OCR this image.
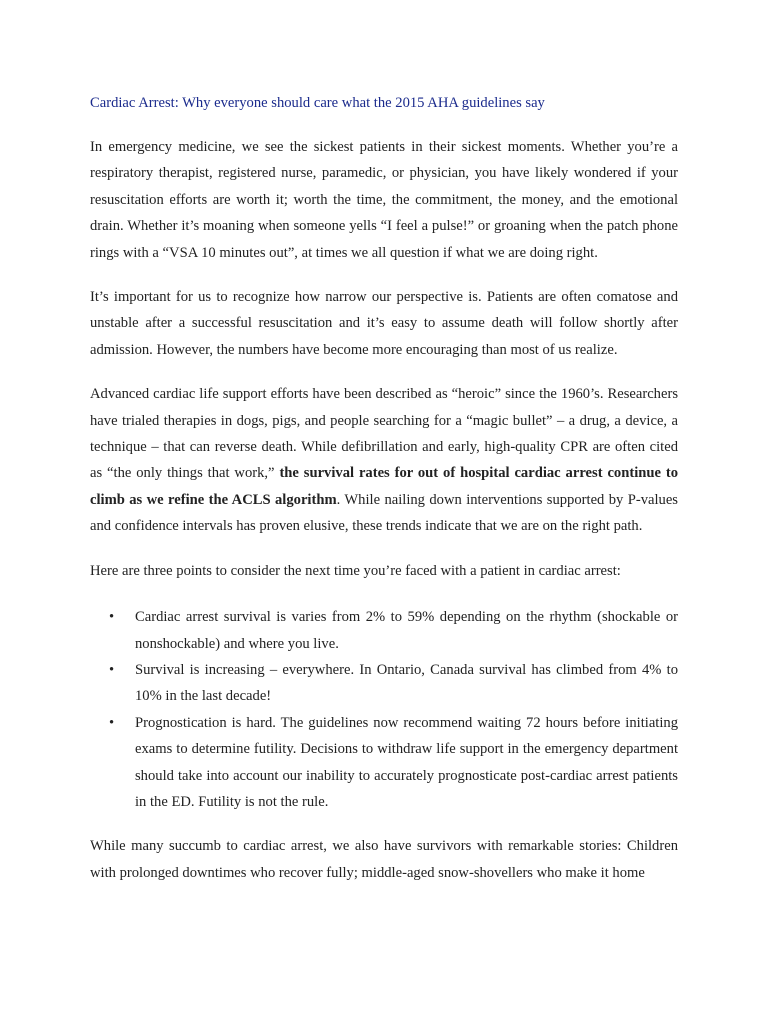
Cardiac Arrest: Why everyone should care what the 2015 AHA guidelines say

In emergency medicine, we see the sickest patients in their sickest moments. Whether you’re a respiratory therapist, registered nurse, paramedic, or physician, you have likely wondered if your resuscitation efforts are worth it; worth the time, the commitment, the money, and the emotional drain. Whether it’s moaning when someone yells “I feel a pulse!” or groaning when the patch phone rings with a “VSA 10 minutes out”, at times we all question if what we are doing right.

It’s important for us to recognize how narrow our perspective is. Patients are often comatose and unstable after a successful resuscitation and it’s easy to assume death will follow shortly after admission. However, the numbers have become more encouraging than most of us realize.

Advanced cardiac life support efforts have been described as “heroic” since the 1960’s. Researchers have trialed therapies in dogs, pigs, and people searching for a “magic bullet” – a drug, a device, a technique – that can reverse death. While defibrillation and early, high-quality CPR are often cited as “the only things that work,” the survival rates for out of hospital cardiac arrest continue to climb as we refine the ACLS algorithm. While nailing down interventions supported by P-values and confidence intervals has proven elusive, these trends indicate that we are on the right path.

Here are three points to consider the next time you’re faced with a patient in cardiac arrest:

• Cardiac arrest survival is varies from 2% to 59% depending on the rhythm (shockable or nonshockable) and where you live.
• Survival is increasing – everywhere. In Ontario, Canada survival has climbed from 4% to 10% in the last decade!
• Prognostication is hard. The guidelines now recommend waiting 72 hours before initiating exams to determine futility. Decisions to withdraw life support in the emergency department should take into account our inability to accurately prognosticate post-cardiac arrest patients in the ED. Futility is not the rule.

While many succumb to cardiac arrest, we also have survivors with remarkable stories: Children with prolonged downtimes who recover fully; middle-aged snow-shovellers who make it home
